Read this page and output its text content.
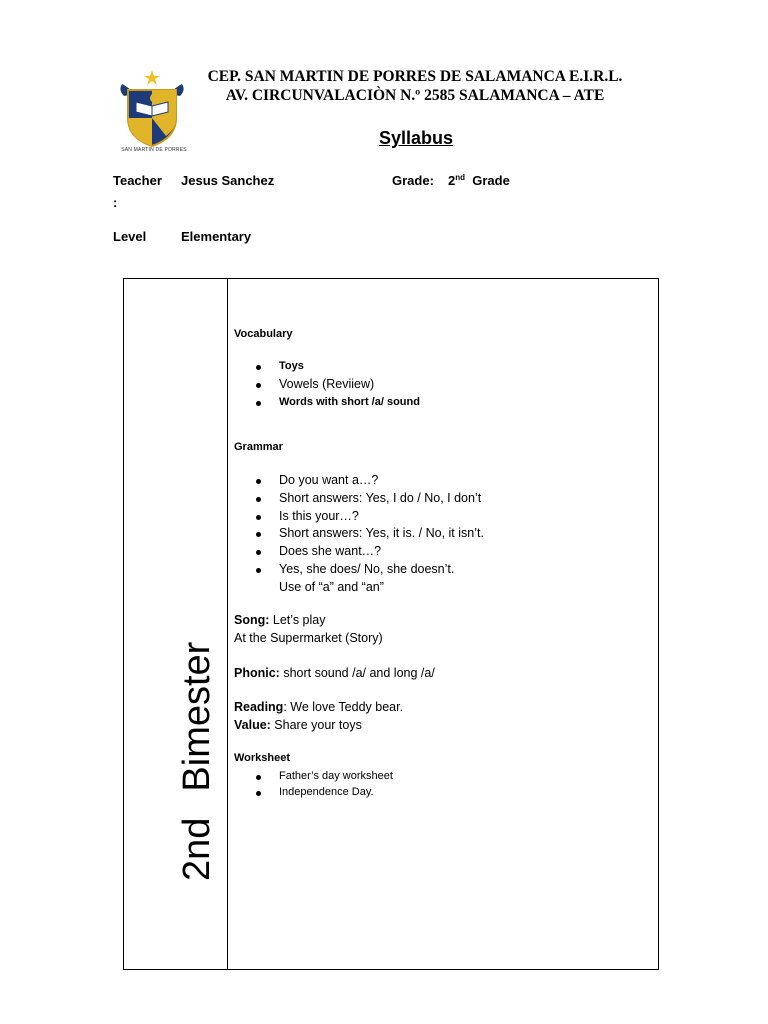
SAN MARTIN DE PORRES
CEP. SAN MARTIN DE PORRES DE SALAMANCA E.I.R.L.
AV. CIRCUNVALACIÒN N.º 2585 SALAMANCA – ATE
Syllabus
Teacher
:
Jesus Sanchez	Grade: 2nd Grade
Level	Elementary
2ndBimester
Vocabulary
Toys
Vowels (Reviiew)
Words with short /a/ sound
Grammar
Do you want a…?
Short answers: Yes, I do / No, I don’t
Is this your…?
Short answers: Yes, it is. / No, it isn’t.
Does she want…?
Yes, she does/ No, she doesn’t.
Use of “a” and “an”
Song: Let’s play
At the Supermarket (Story)
Phonic: short sound /a/ and long /a/
Reading: We love Teddy bear.
Value: Share your toys
Worksheet
Father’s day worksheet
Independence Day.
